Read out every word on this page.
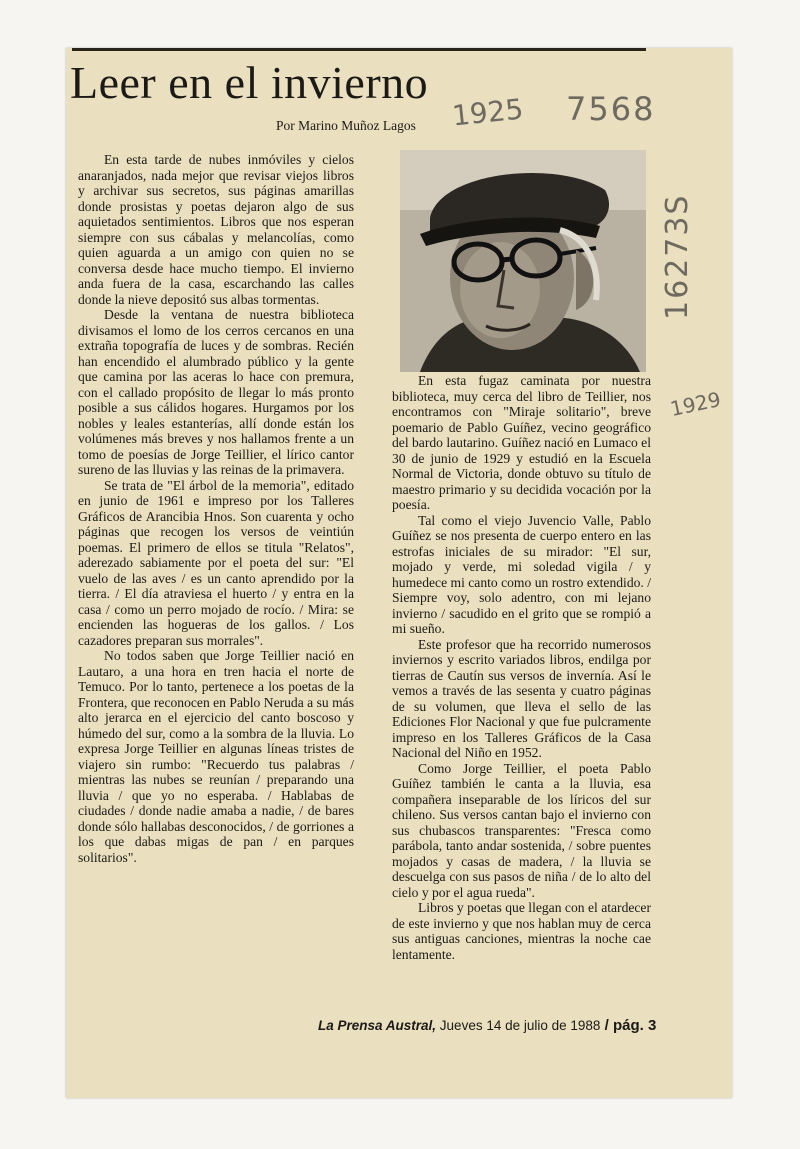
Leer en el invierno
Por Marino Muñoz Lagos 1925 7568
16273S
1929

En esta tarde de nubes inmóviles y cielos anaranjados, nada mejor que revisar viejos libros y archivar sus secretos, sus páginas amarillas donde prosistas y poetas dejaron algo de sus aquietados sentimientos. Libros que nos esperan siempre con sus cábalas y melancolías, como quien aguarda a un amigo con quien no se conversa desde hace mucho tiempo. El invierno anda fuera de la casa, escarchando las calles donde la nieve depositó sus albas tormentas.

Desde la ventana de nuestra biblioteca divisamos el lomo de los cerros cercanos en una extraña topografía de luces y de sombras. Recién han encendido el alumbrado público y la gente que camina por las aceras lo hace con premura, con el callado propósito de llegar lo más pronto posible a sus cálidos hogares. Hurgamos por los nobles y leales estanterías, allí donde están los volúmenes más breves y nos hallamos frente a un tomo de poesías de Jorge Teillier, el lírico cantor sureno de las lluvias y las reinas de la primavera.

Se trata de "El árbol de la memoria", editado en junio de 1961 e impreso por los Talleres Gráficos de Arancibia Hnos. Son cuarenta y ocho páginas que recogen los versos de veintiún poemas. El primero de ellos se titula "Relatos", aderezado sabiamente por el poeta del sur: "El vuelo de las aves / es un canto aprendido por la tierra. / El día atraviesa el huerto / y entra en la casa / como un perro mojado de rocío. / Mira: se encienden las hogueras de los gallos. / Los cazadores preparan sus morrales".

No todos saben que Jorge Teillier nació en Lautaro, a una hora en tren hacia el norte de Temuco. Por lo tanto, pertenece a los poetas de la Frontera, que reconocen en Pablo Neruda a su más alto jerarca en el ejercicio del canto boscoso y húmedo del sur, como a la sombra de la lluvia. Lo expresa Jorge Teillier en algunas líneas tristes de viajero sin rumbo: "Recuerdo tus palabras / mientras las nubes se reunían / preparando una lluvia / que yo no esperaba. / Hablabas de ciudades / donde nadie amaba a nadie, / de bares donde sólo hallabas desconocidos, / de gorriones a los que dabas migas de pan / en parques solitarios".

En esta fugaz caminata por nuestra biblioteca, muy cerca del libro de Teillier, nos encontramos con "Miraje solitario", breve poemario de Pablo Guíñez, vecino geográfico del bardo lautarino. Guíñez nació en Lumaco el 30 de junio de 1929 y estudió en la Escuela Normal de Victoria, donde obtuvo su título de maestro primario y su decidida vocación por la poesía.

Tal como el viejo Juvencio Valle, Pablo Guíñez se nos presenta de cuerpo entero en las estrofas iniciales de su mirador: "El sur, mojado y verde, mi soledad vigila / y humedece mi canto como un rostro extendido. / Siempre voy, solo adentro, con mi lejano invierno / sacudido en el grito que se rompió a mi sueño.

Este profesor que ha recorrido numerosos inviernos y escrito variados libros, endilga por tierras de Cautín sus versos de invernía. Así le vemos a través de las sesenta y cuatro páginas de su volumen, que lleva el sello de las Ediciones Flor Nacional y que fue pulcramente impreso en los Talleres Gráficos de la Casa Nacional del Niño en 1952.

Como Jorge Teillier, el poeta Pablo Guíñez también le canta a la lluvia, esa compañera inseparable de los líricos del sur chileno. Sus versos cantan bajo el invierno con sus chubascos transparentes: "Fresca como parábola, tanto andar sostenida, / sobre puentes mojados y casas de madera, / la lluvia se descuelga con sus pasos de niña / de lo alto del cielo y por el agua rueda".

Libros y poetas que llegan con el atardecer de este invierno y que nos hablan muy de cerca sus antiguas canciones, mientras la noche cae lentamente.

La Prensa Austral, Jueves 14 de julio de 1988 / pág. 3
